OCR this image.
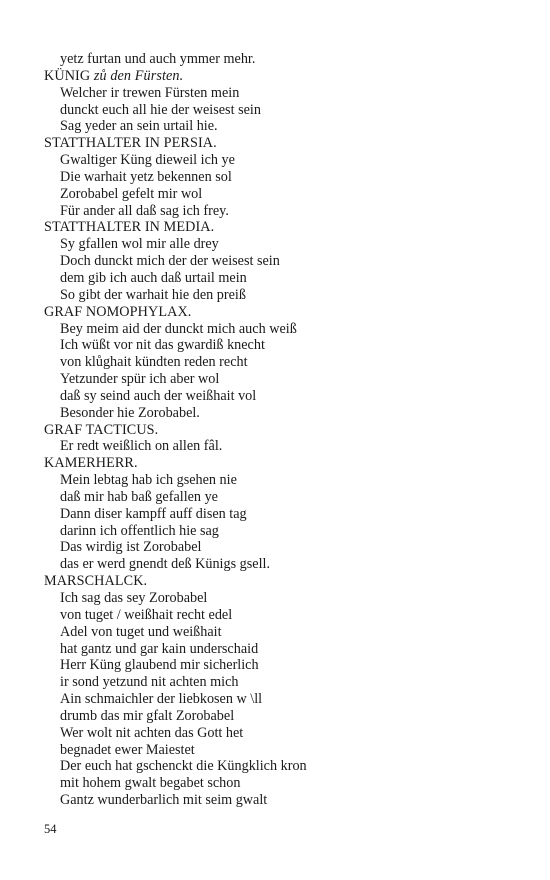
yetz furtan und auch ymmer mehr.
KÜNIG zů den Fürsten.
Welcher ir trewen Fürsten mein
dunckt euch all hie der weisest sein
Sag yeder an sein urtail hie.
STATTHALTER IN PERSIA.
Gwaltiger Küng dieweil ich ye
Die warhait yetz bekennen sol
Zorobabel gefelt mir wol
Für ander all daß sag ich frey.
STATTHALTER IN MEDIA.
Sy gfallen wol mir alle drey
Doch dunckt mich der der weisest sein
dem gib ich auch daß urtail mein
So gibt der warhait hie den preiß
GRAF NOMOPHYLAX.
Bey meim aid der dunckt mich auch weiß
Ich wüßt vor nit das gwardiß knecht
von klůghait kündten reden recht
Yetzunder spür ich aber wol
daß sy seind auch der weißhait vol
Besonder hie Zorobabel.
GRAF TACTICUS.
Er redt weißlich on allen fâl.
KAMERHERR.
Mein lebtag hab ich gsehen nie
daß mir hab baß gefallen ye
Dann diser kampff auff disen tag
darinn ich offentlich hie sag
Das wirdig ist Zorobabel
das er werd gnendt deß Künigs gsell.
MARSCHALCK.
Ich sag das sey Zorobabel
von tuget / weißhait recht edel
Adel von tuget und weißhait
hat gantz und gar kain underschaid
Herr Küng glaubend mir sicherlich
ir sond yetzund nit achten mich
Ain schmaichler der liebkosen w \ll
drumb das mir gfalt Zorobabel
Wer wolt nit achten das Gott het
begnadet ewer Maiestet
Der euch hat gschenckt die Küngklich kron
mit hohem gwalt begabet schon
Gantz wunderbarlich mit seim gwalt
54
